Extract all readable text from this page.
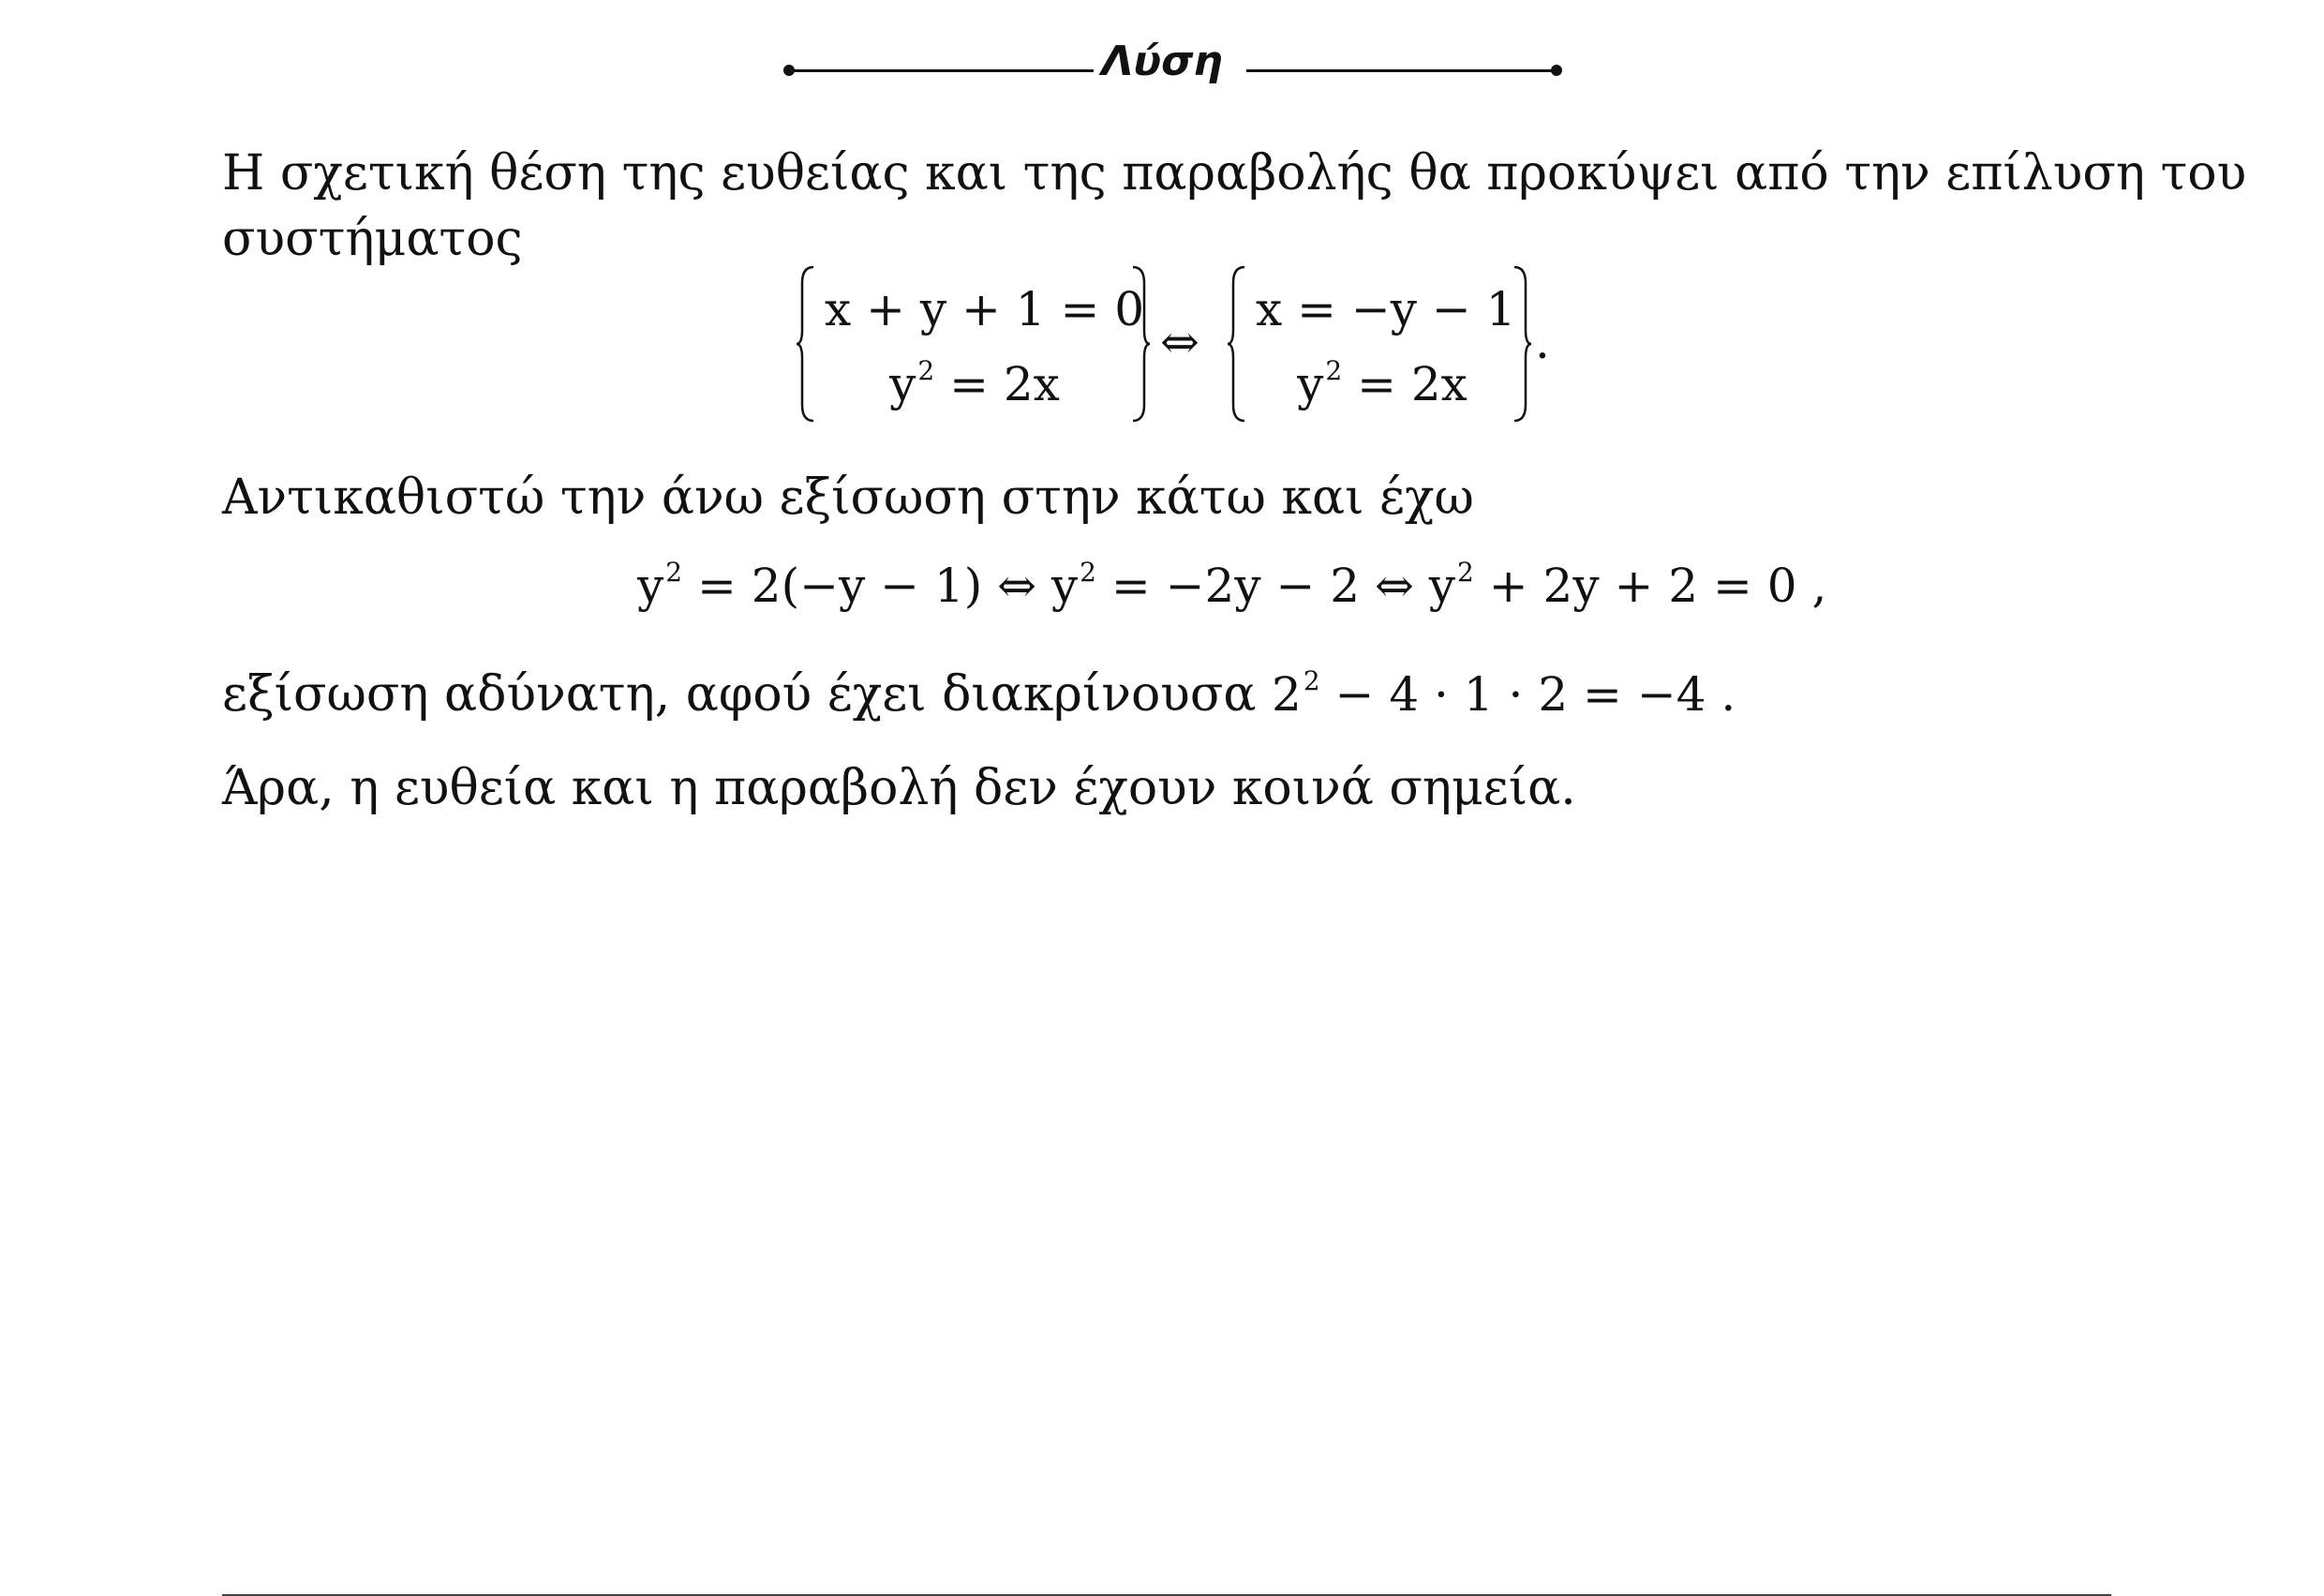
Λύση
Η σχετική θέση της ευθείας και της παραβολής θα προκύψει από την επίλυση του
συστήματος
x + y + 1 = 0
$y^2 = 2x$
⇔
x = −y − 1
$y^2 = 2x$
.
Αντικαθιστώ την άνω εξίσωση στην κάτω και έχω
$y^2 = 2(-y - 1)$ ⇔ $y^2 = -2y - 2$ ⇔ $y^2 + 2y + 2 = 0$ ,
εξίσωση αδύνατη, αφού έχει διακρίνουσα $2^2 - 4 \cdot 1 \cdot 2 = -4$ .
Άρα, η ευθεία και η παραβολή δεν έχουν κοινά σημεία.
